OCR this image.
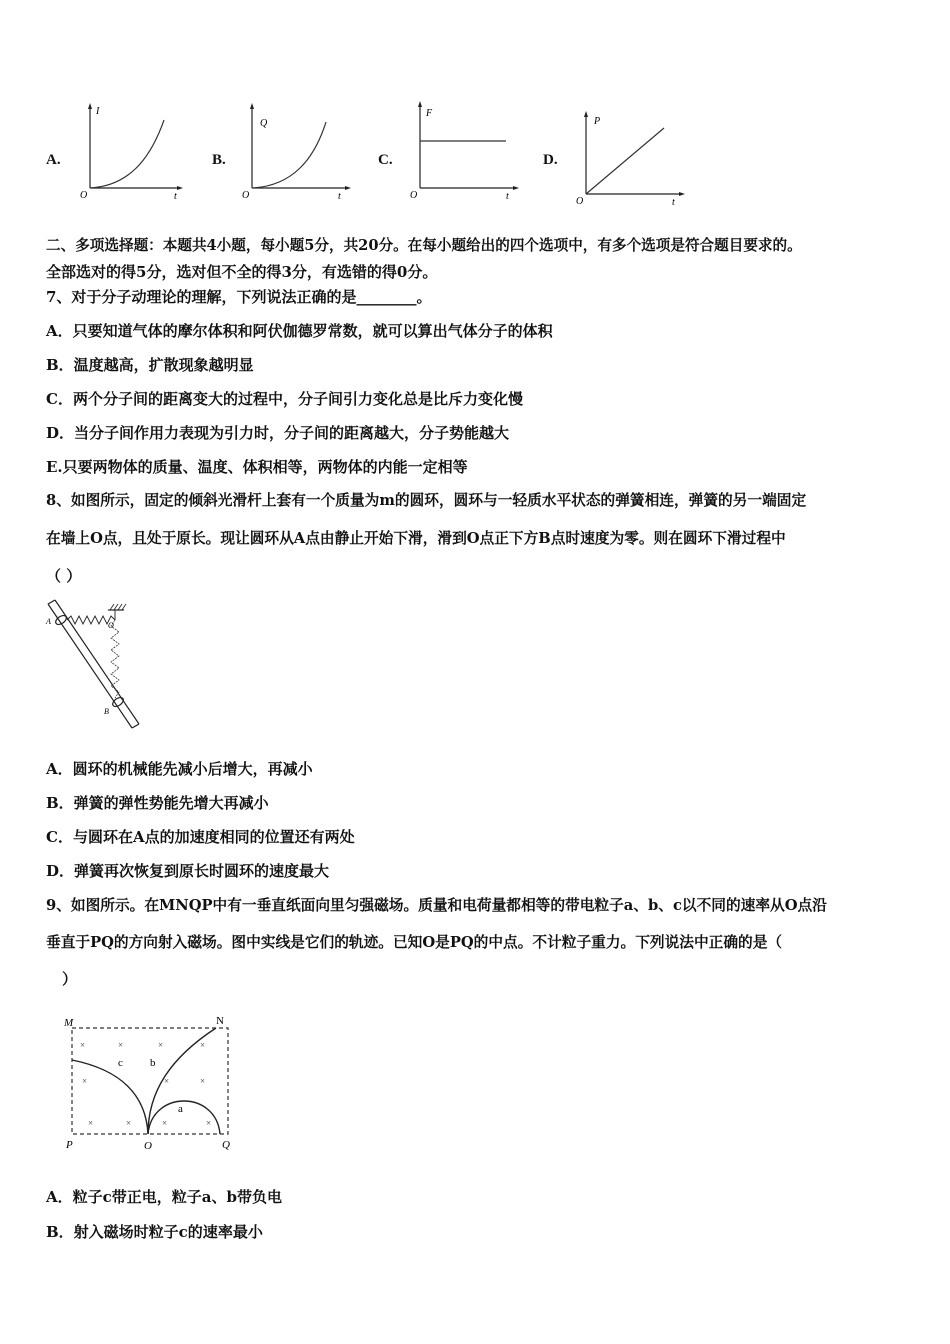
A.
I
t
O
B.
Q
t
O
C.
F
t
O
D.
P
t
O
二、多项选择题：本题共4小题，每小题5分，共20分。在每小题给出的四个选项中，有多个选项是符合题目要求的。
全部选对的得5分，选对但不全的得3分，有选错的得0分。
7、对于分子动理论的理解，下列说法正确的是________。
A．只要知道气体的摩尔体积和阿伏伽德罗常数，就可以算出气体分子的体积
B．温度越高，扩散现象越明显
C．两个分子间的距离变大的过程中，分子间引力变化总是比斥力变化慢
D．当分子间作用力表现为引力时，分子间的距离越大，分子势能越大
E.只要两物体的质量、温度、体积相等，两物体的内能一定相等
8、如图所示，固定的倾斜光滑杆上套有一个质量为m的圆环，圆环与一轻质水平状态的弹簧相连，弹簧的另一端固定
在墙上O点，且处于原长。现让圆环从A点由静止开始下滑，滑到O点正下方B点时速度为零。则在圆环下滑过程中
（ ）
A	O
B
A．圆环的机械能先减小后增大，再减小
B．弹簧的弹性势能先增大再减小
C．与圆环在A点的加速度相同的位置还有两处
D．弹簧再次恢复到原长时圆环的速度最大
9、如图所示。在MNQP中有一垂直纸面向里匀强磁场。质量和电荷量都相等的带电粒子a、b、c以不同的速率从O点沿
垂直于PQ的方向射入磁场。图中实线是它们的轨迹。已知O是PQ的中点。不计粒子重力。下列说法中正确的是（
）
×	×	×	×
×	×	×
×	×	×	×
M	N
P	O	Q
c b
a
A．粒子c带正电，粒子a、b带负电
B．射入磁场时粒子c的速率最小
